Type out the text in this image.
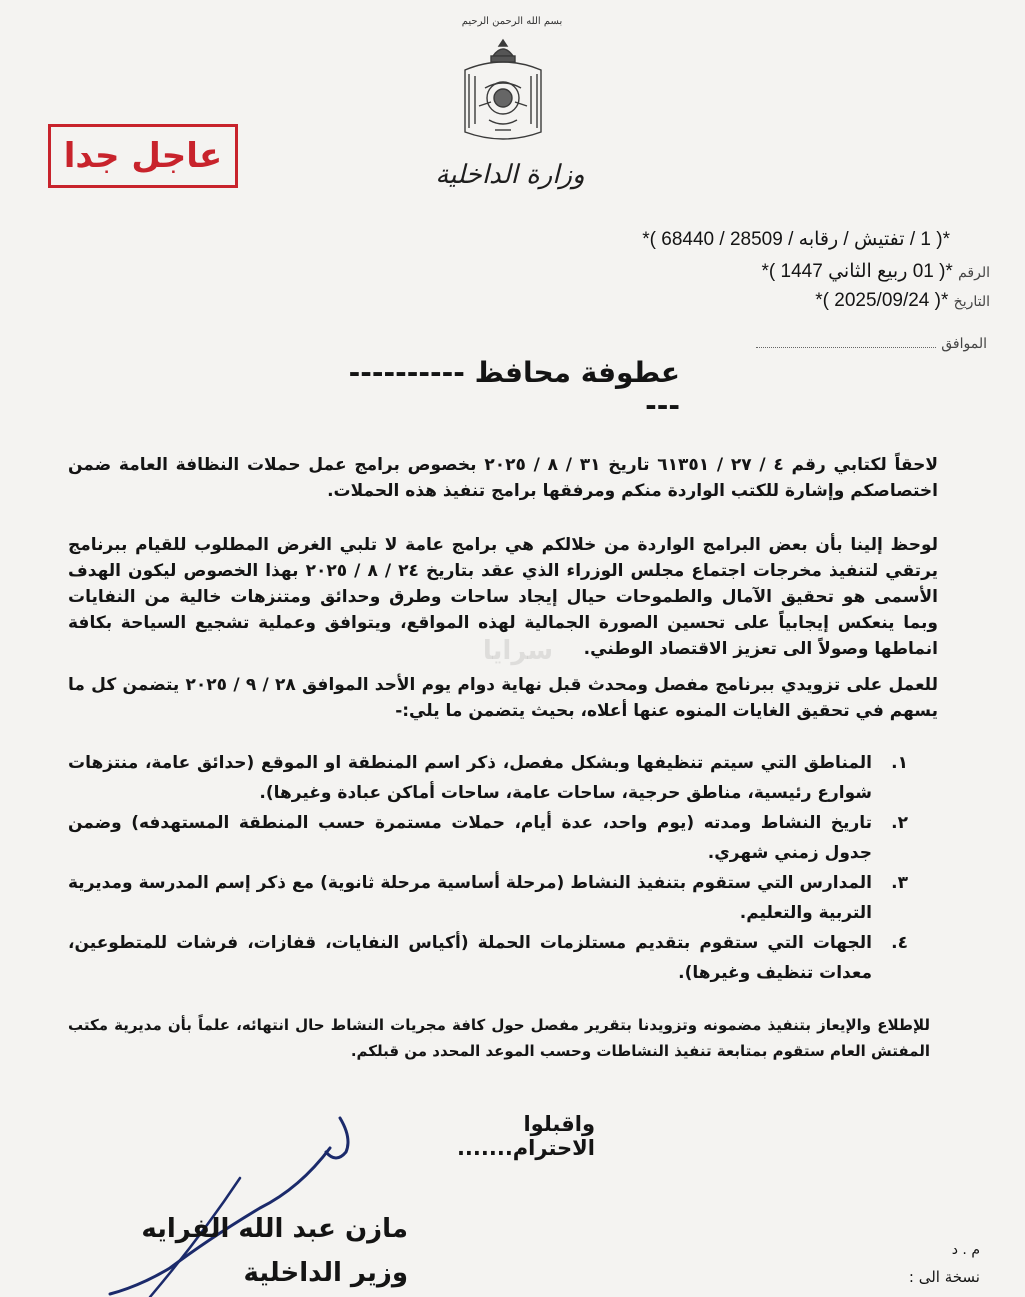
بسم الله الرحمن الرحيم
وزارة الداخلية
عاجل جدا
*( 1 / تفتيش / رقابه / 28509 / 68440 )*
الرقم *( 01 ربيع الثاني 1447 )*
التاريخ *( 2025/09/24 )*
الموافق
عطوفة محافظ -------------
لاحقاً لكتابي رقم ٤ / ٢٧ / ٦١٣٥١ تاريخ ٣١ / ٨ / ٢٠٢٥ بخصوص برامج عمل حملات النظافة العامة ضمن اختصاصكم وإشارة للكتب الواردة منكم ومرفقها برامج تنفيذ هذه الحملات.
لوحظ إلينا بأن بعض البرامج الواردة من خلالكم هي برامج عامة لا تلبي الغرض المطلوب للقيام ببرنامج يرتقي لتنفيذ مخرجات اجتماع مجلس الوزراء الذي عقد بتاريخ ٢٤ / ٨ / ٢٠٢٥ بهذا الخصوص ليكون الهدف الأسمى هو تحقيق الآمال والطموحات حيال إيجاد ساحات وطرق وحدائق ومتنزهات خالية من النفايات وبما ينعكس إيجابياً على تحسين الصورة الجمالية لهذه المواقع، ويتوافق وعملية تشجيع السياحة بكافة انماطها وصولاً الى تعزيز الاقتصاد الوطني.
للعمل على تزويدي ببرنامج مفصل ومحدث قبل نهاية دوام يوم الأحد الموافق ٢٨ / ٩ / ٢٠٢٥ يتضمن كل ما يسهم في تحقيق الغايات المنوه عنها أعلاه، بحيث يتضمن ما يلي:-
١.
المناطق التي سيتم تنظيفها وبشكل مفصل، ذكر اسم المنطقة او الموقع (حدائق عامة، منتزهات شوارع رئيسية، مناطق حرجية، ساحات عامة، ساحات أماكن عبادة وغيرها).
٢.
تاريخ النشاط ومدته (يوم واحد، عدة أيام، حملات مستمرة حسب المنطقة المستهدفه) وضمن جدول زمني شهري.
٣.
المدارس التي ستقوم بتنفيذ النشاط (مرحلة أساسية مرحلة ثانوية) مع ذكر إسم المدرسة ومديرية التربية والتعليم.
٤.
الجهات التي ستقوم بتقديم مستلزمات الحملة (أكياس النفايات، قفازات، فرشات للمتطوعين، معدات تنظيف وغيرها).
للإطلاع والإيعاز بتنفيذ مضمونه وتزويدنا بتقرير مفصل حول كافة مجريات النشاط حال انتهائه، علماً بأن مديرية مكتب المفتش العام ستقوم بمتابعة تنفيذ النشاطات وحسب الموعد المحدد من قبلكم.
واقبلوا الاحترام.......
مازن عبد الله الفرايه
وزير الداخلية
م . د
نسخة الى :
سرايا
